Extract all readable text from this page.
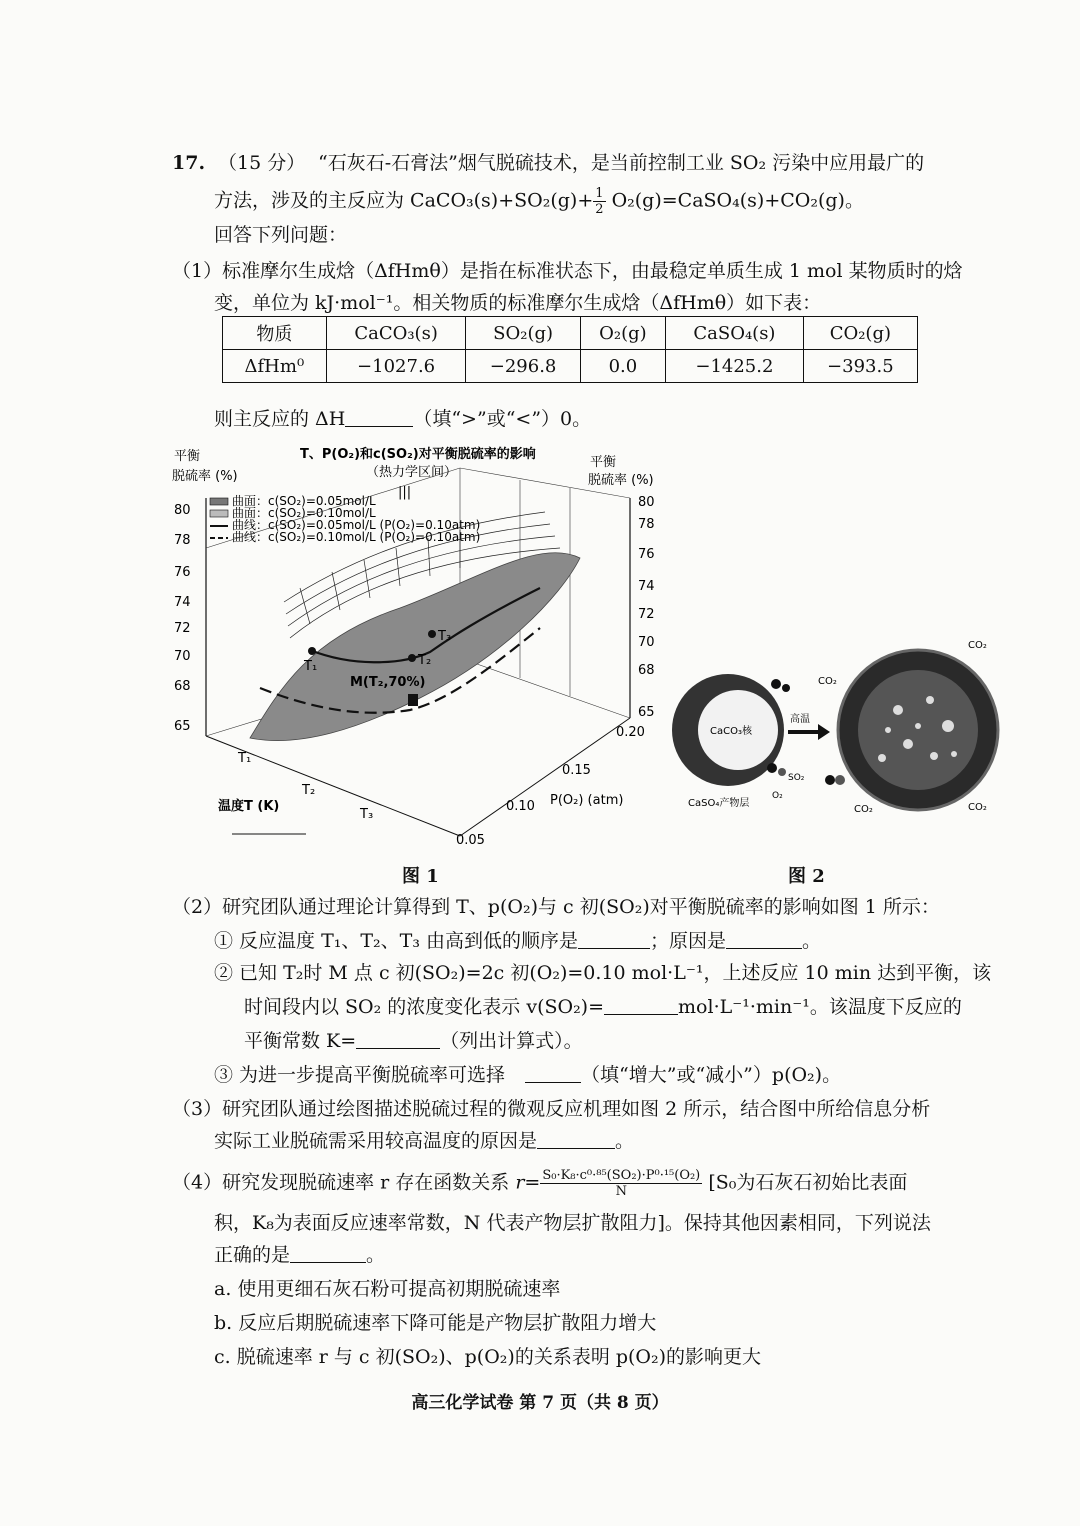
17. （15 分） “石灰石-石膏法”烟气脱硫技术，是当前控制工业 SO₂ 污染中应用最广的
方法，涉及的主反应为 CaCO₃(s)+SO₂(g)+ $\frac{1}{2}$ O₂(g)=CaSO₄(s)+CO₂(g)。
回答下列问题：
（1）标准摩尔生成焓（ΔfHmθ）是指在标准状态下，由最稳定单质生成 1 mol 某物质时的焓
变，单位为 kJ·mol⁻¹。相关物质的标准摩尔生成焓（ΔfHmθ）如下表：
物质	CaCO₃(s)	SO₂(g)	O₂(g)	CaSO₄(s)	CO₂(g)
ΔfHm⁰	−1027.6	−296.8	0.0	−1425.2	−393.5
则主反应的 ΔH	（填“>”或“<”）0。
平衡
脱硫率 (%)
T、P(O₂)和c(SO₂)对平衡脱硫率的影响
（热力学区间）
|||
平衡
脱硫率 (%)
曲面：c(SO₂)=0.05mol/L
曲面：c(SO₂)=0.10mol/L
曲线：c(SO₂)=0.05mol/L (P(O₂)=0.10atm)
曲线：c(SO₂)=0.10mol/L (P(O₂)=0.10atm)
80
78
76
74
72
70
68
65
80
78
76
74
72
70
68
65
T₁	T₂
T₃
M(T₂,70%)
T₁
T₂
T₃
温度T (K)
0.20
0.15
0.10
0.05
P(O₂) (atm)
图 1
CaCO₃核
CaSO₄产物层
SO₂
O₂
高温
CO₂
CO₂
CO₂	CO₂
图 2
（2）研究团队通过理论计算得到 T、p(O₂)与 c 初(SO₂)对平衡脱硫率的影响如图 1 所示：
① 反应温度 T₁、T₂、T₃ 由高到低的顺序是	；原因是	。
② 已知 T₂时 M 点 c 初(SO₂)=2c 初(O₂)=0.10 mol·L⁻¹，上述反应 10 min 达到平衡，该
时间段内以 SO₂ 的浓度变化表示 v(SO₂)=	mol·L⁻¹·min⁻¹。该温度下反应的
平衡常数 K=	（列出计算式）。
③ 为进一步提高平衡脱硫率可选择	（填“增大”或“减小”）p(O₂)。
（3）研究团队通过绘图描述脱硫过程的微观反应机理如图 2 所示，结合图中所给信息分析
实际工业脱硫需采用较高温度的原因是	。
（4）研究发现脱硫速率 r 存在函数关系 $r= \frac{\text{S₀·K₈·c⁰·⁸⁵(SO₂)·P⁰·¹⁵(O₂)}}{N} [S_0$为石灰石初始比表面
积，K₈为表面反应速率常数，N 代表产物层扩散阻力]。保持其他因素相同，下列说法
正确的是	。
a. 使用更细石灰石粉可提高初期脱硫速率
b. 反应后期脱硫速率下降可能是产物层扩散阻力增大
c. 脱硫速率 r 与 c 初(SO₂)、p(O₂)的关系表明 p(O₂)的影响更大
高三化学试卷 第 7 页（共 8 页）
